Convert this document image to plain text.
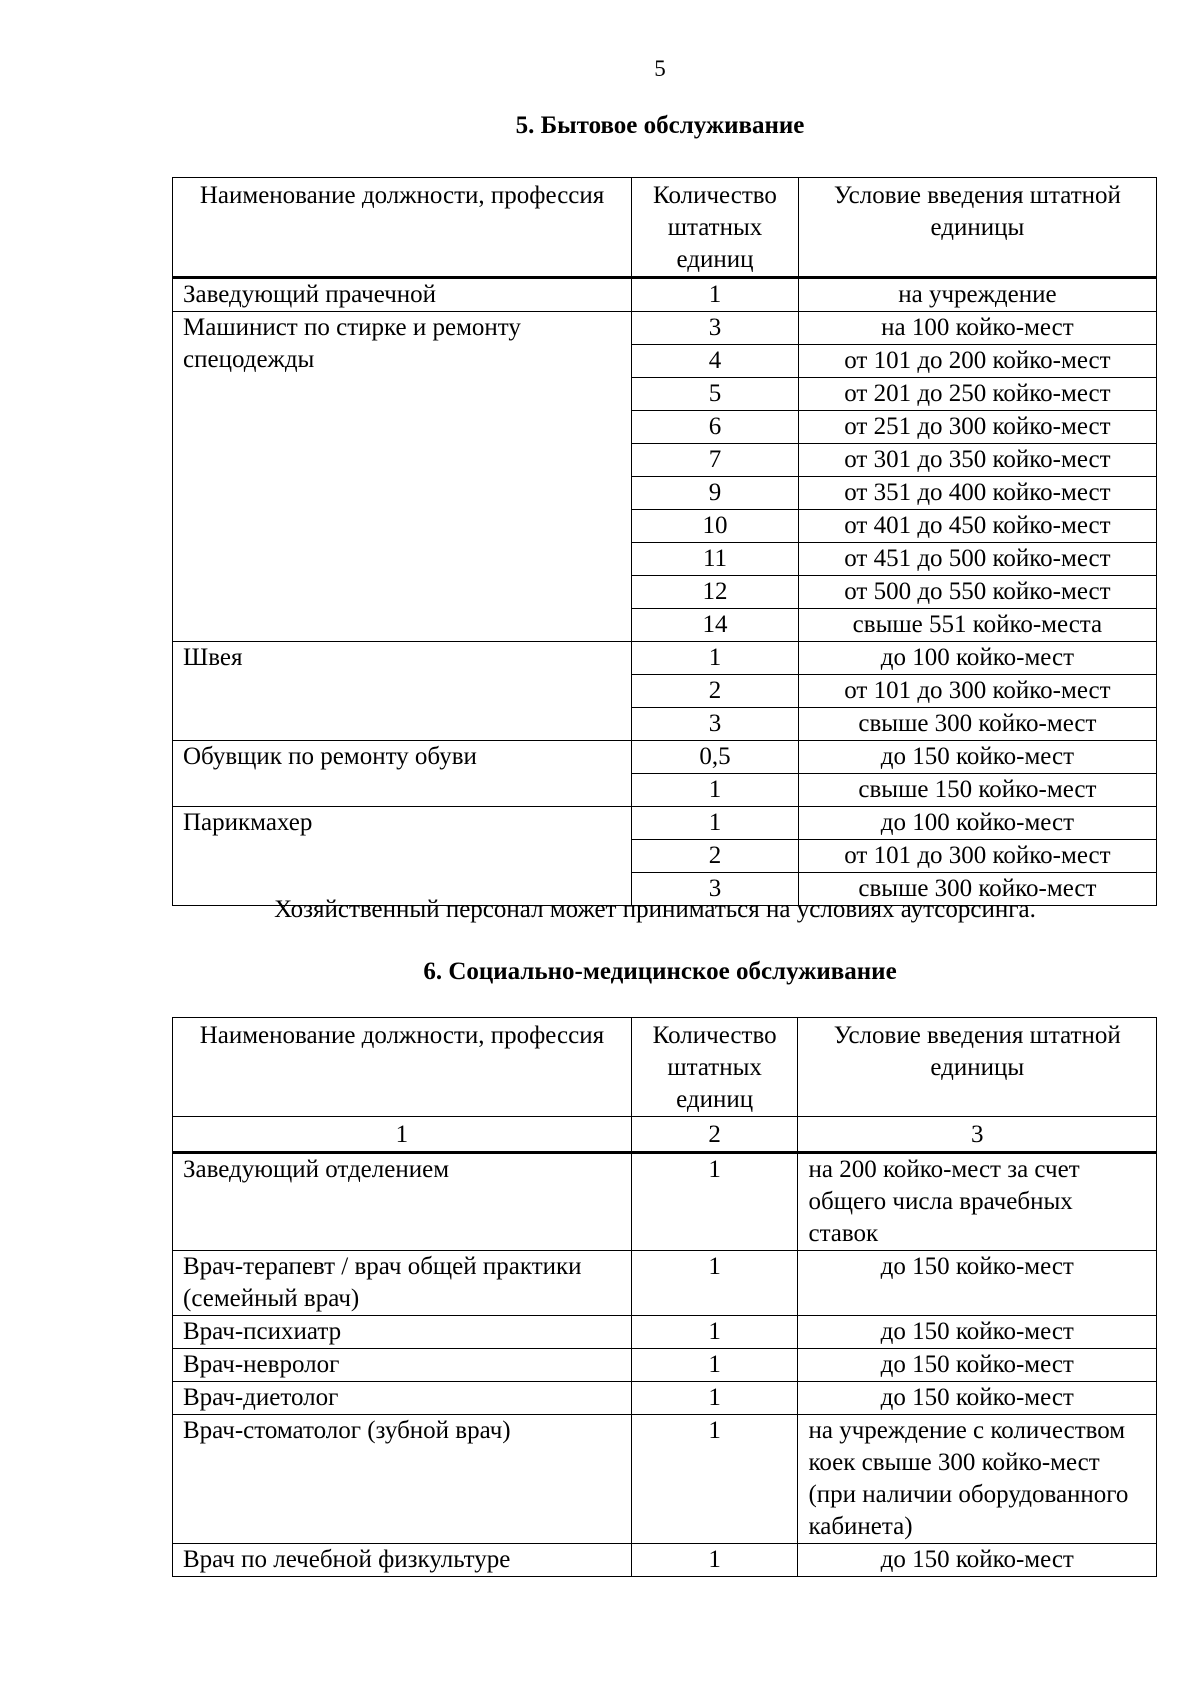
5
5. Бытовое обслуживание
Наименование должности, профессия	Количество штатных единиц	Условие введения штатной единицы
Заведующий прачечной	1	на учреждение
Машинист по стирке и ремонту спецодежды	3	на 100 койко-мест
	4	от 101 до 200 койко-мест
	5	от 201 до 250 койко-мест
	6	от 251 до 300 койко-мест
	7	от 301 до 350 койко-мест
	9	от 351 до 400 койко-мест
	10	от 401 до 450 койко-мест
	11	от 451 до 500 койко-мест
	12	от 500 до 550 койко-мест
	14	свыше 551 койко-места
Швея	1	до 100 койко-мест
	2	от 101 до 300 койко-мест
	3	свыше 300 койко-мест
Обувщик по ремонту обуви	0,5	до 150 койко-мест
	1	свыше 150 койко-мест
Парикмахер	1	до 100 койко-мест
	2	от 101 до 300 койко-мест
	3	свыше 300 койко-мест
Хозяйственный персонал может приниматься на условиях аутсорсинга.
6. Социально-медицинское обслуживание
Наименование должности, профессия	Количество штатных единиц	Условие введения штатной единицы
1	2	3
Заведующий отделением	1	на 200 койко-мест за счет общего числа врачебных ставок
Врач-терапевт / врач общей практики (семейный врач)	1	до 150 койко-мест
Врач-психиатр	1	до 150 койко-мест
Врач-невролог	1	до 150 койко-мест
Врач-диетолог	1	до 150 койко-мест
Врач-стоматолог (зубной врач)	1	на учреждение с количеством коек свыше 300 койко-мест (при наличии оборудованного кабинета)
Врач по лечебной физкультуре	1	до 150 койко-мест
